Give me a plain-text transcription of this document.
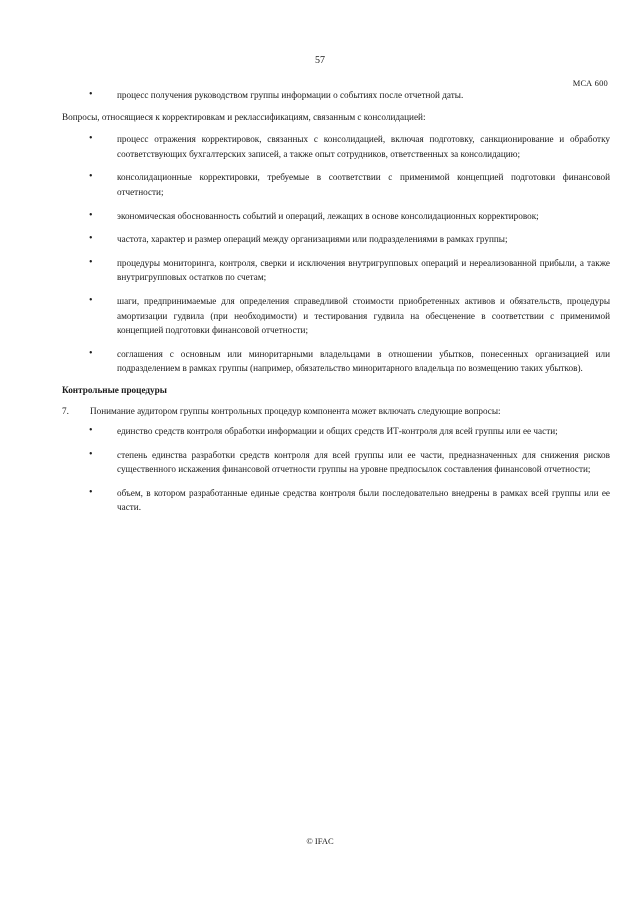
57
МСА 600
•	процесс получения руководством группы информации о событиях после отчетной даты.

Вопросы, относящиеся к корректировкам и реклассификациям, связанным с консолидацией:

•	процесс отражения корректировок, связанных с консолидацией, включая подготовку, санкционирование и обработку соответствующих бухгалтерских записей, а также опыт сотрудников, ответственных за консолидацию;
•	консолидационные корректировки, требуемые в соответствии с применимой концепцией подготовки финансовой отчетности;
•	экономическая обоснованность событий и операций, лежащих в основе консолидационных корректировок;
•	частота, характер и размер операций между организациями или подразделениями в рамках группы;
•	процедуры мониторинга, контроля, сверки и исключения внутригрупповых операций и нереализованной прибыли, а также внутригрупповых остатков по счетам;
•	шаги, предпринимаемые для определения справедливой стоимости приобретенных активов и обязательств, процедуры амортизации гудвила (при необходимости) и тестирования гудвила на обесценение в соответствии с применимой концепцией подготовки финансовой отчетности;
•	соглашения с основным или миноритарными владельцами в отношении убытков, понесенных организацией или подразделением в рамках группы (например, обязательство миноритарного владельца по возмещению таких убытков).

Контрольные процедуры

7. Понимание аудитором группы контрольных процедур компонента может включать следующие вопросы:
•	единство средств контроля обработки информации и общих средств ИТ-контроля для всей группы или ее части;
•	степень единства разработки средств контроля для всей группы или ее части, предназначенных для снижения рисков существенного искажения финансовой отчетности группы на уровне предпосылок составления финансовой отчетности;
•	объем, в котором разработанные единые средства контроля были последовательно внедрены в рамках всей группы или ее части.
© IFAC
